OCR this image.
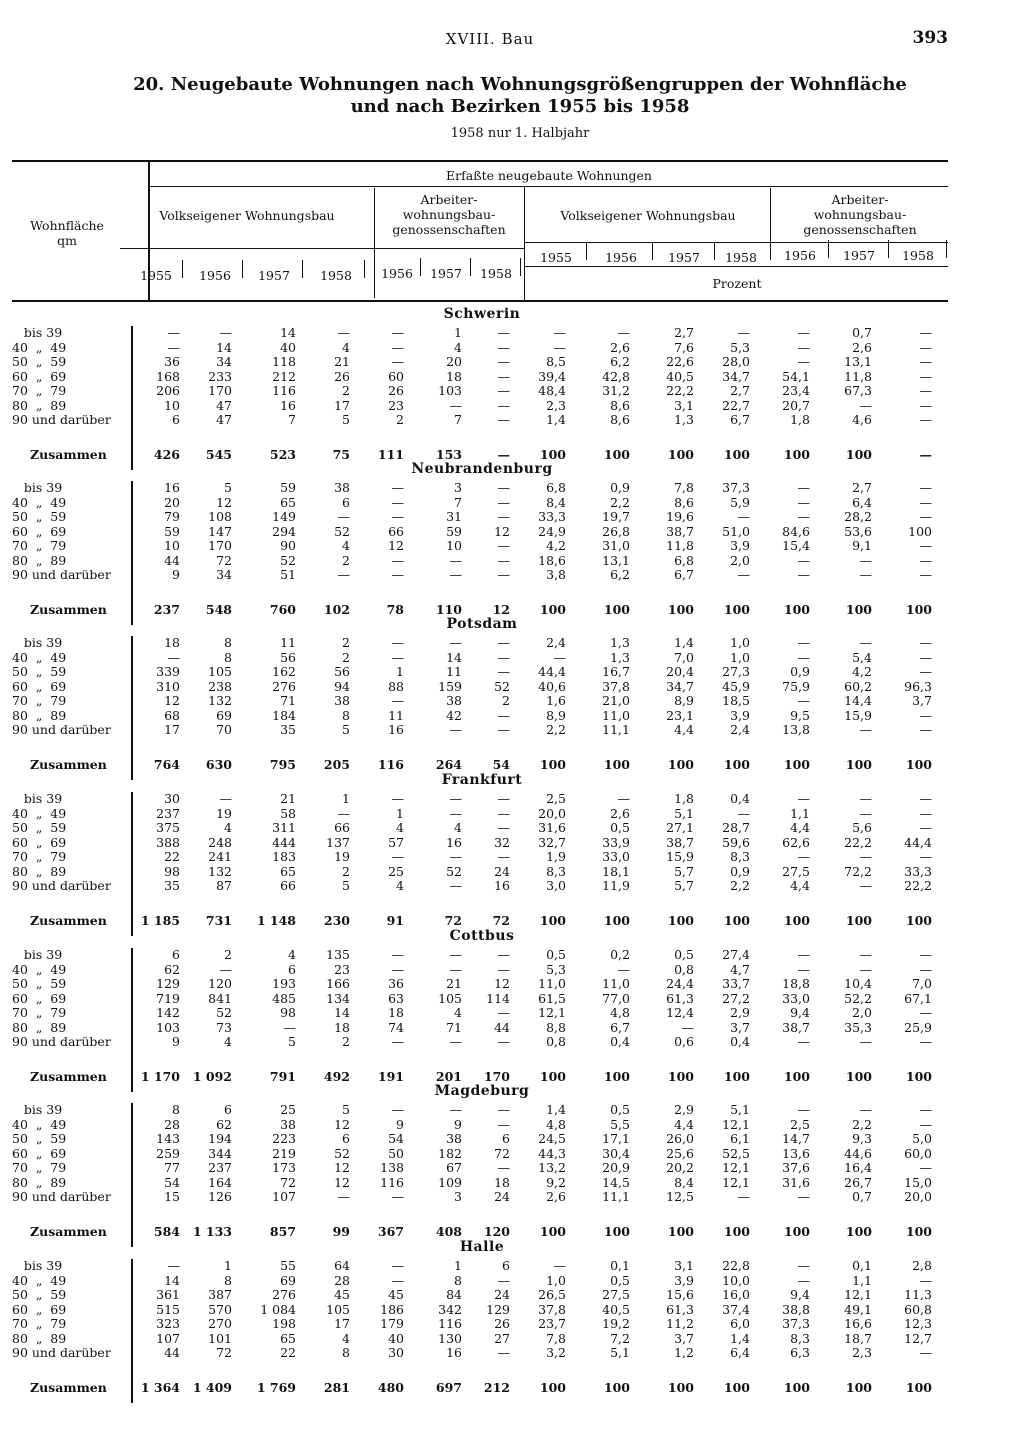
XVIII. Bau	393
20. Neugebaute Wohnungen nach Wohnungsgrößengruppen der Wohnfläche
und nach Bezirken 1955 bis 1958
1958 nur 1. Halbjahr
Wohnfläche
qm
Erfaßte neugebaute Wohnungen
Volkseigener Wohnungsbau
Arbeiter-
wohnungsbau-
genossenschaften
Volkseigener Wohnungsbau
Arbeiter-
wohnungsbau-
genossenschaften
1955	1956	1957	1958	1956	1957	1958
1955	1956	1957	1958	1956	1957	1958
Prozent
Schwerin
bis 39	—	—	14	—	—	1	—	—	—	2,7	—	—	0,7	—
40  „  49	—	14	40	4	—	4	—	—	2,6	7,6	5,3	—	2,6	—
50  „  59	36	34	118	21	—	20	—	8,5	6,2	22,6	28,0	—	13,1	—
60  „  69	168	233	212	26	60	18	—	39,4	42,8	40,5	34,7	54,1	11,8	—
70  „  79	206	170	116	2	26	103	—	48,4	31,2	22,2	2,7	23,4	67,3	—
80  „  89	10	47	16	17	23	—	—	2,3	8,6	3,1	22,7	20,7	—	—
90 und darüber	6	47	7	5	2	7	—	1,4	8,6	1,3	6,7	1,8	4,6	—
Zusammen	426	545	523	75	111	153	—	100	100	100	100	100	100	—
Neubrandenburg
bis 39	16	5	59	38	—	3	—	6,8	0,9	7,8	37,3	—	2,7	—
40  „  49	20	12	65	6	—	7	—	8,4	2,2	8,6	5,9	—	6,4	—
50  „  59	79	108	149	—	—	31	—	33,3	19,7	19,6	—	—	28,2	—
60  „  69	59	147	294	52	66	59	12	24,9	26,8	38,7	51,0	84,6	53,6	100
70  „  79	10	170	90	4	12	10	—	4,2	31,0	11,8	3,9	15,4	9,1	—
80  „  89	44	72	52	2	—	—	—	18,6	13,1	6,8	2,0	—	—	—
90 und darüber	9	34	51	—	—	—	—	3,8	6,2	6,7	—	—	—	—
Zusammen	237	548	760	102	78	110	12	100	100	100	100	100	100	100
Potsdam
bis 39	18	8	11	2	—	—	—	2,4	1,3	1,4	1,0	—	—	—
40  „  49	—	8	56	2	—	14	—	—	1,3	7,0	1,0	—	5,4	—
50  „  59	339	105	162	56	1	11	—	44,4	16,7	20,4	27,3	0,9	4,2	—
60  „  69	310	238	276	94	88	159	52	40,6	37,8	34,7	45,9	75,9	60,2	96,3
70  „  79	12	132	71	38	—	38	2	1,6	21,0	8,9	18,5	—	14,4	3,7
80  „  89	68	69	184	8	11	42	—	8,9	11,0	23,1	3,9	9,5	15,9	—
90 und darüber	17	70	35	5	16	—	—	2,2	11,1	4,4	2,4	13,8	—	—
Zusammen	764	630	795	205	116	264	54	100	100	100	100	100	100	100
Frankfurt
bis 39	30	—	21	1	—	—	—	2,5	—	1,8	0,4	—	—	—
40  „  49	237	19	58	—	1	—	—	20,0	2,6	5,1	—	1,1	—	—
50  „  59	375	4	311	66	4	4	—	31,6	0,5	27,1	28,7	4,4	5,6	—
60  „  69	388	248	444	137	57	16	32	32,7	33,9	38,7	59,6	62,6	22,2	44,4
70  „  79	22	241	183	19	—	—	—	1,9	33,0	15,9	8,3	—	—	—
80  „  89	98	132	65	2	25	52	24	8,3	18,1	5,7	0,9	27,5	72,2	33,3
90 und darüber	35	87	66	5	4	—	16	3,0	11,9	5,7	2,2	4,4	—	22,2
Zusammen	1 185	731	1 148	230	91	72	72	100	100	100	100	100	100	100
Cottbus
bis 39	6	2	4	135	—	—	—	0,5	0,2	0,5	27,4	—	—	—
40  „  49	62	—	6	23	—	—	—	5,3	—	0,8	4,7	—	—	—
50  „  59	129	120	193	166	36	21	12	11,0	11,0	24,4	33,7	18,8	10,4	7,0
60  „  69	719	841	485	134	63	105	114	61,5	77,0	61,3	27,2	33,0	52,2	67,1
70  „  79	142	52	98	14	18	4	—	12,1	4,8	12,4	2,9	9,4	2,0	—
80  „  89	103	73	—	18	74	71	44	8,8	6,7	—	3,7	38,7	35,3	25,9
90 und darüber	9	4	5	2	—	—	—	0,8	0,4	0,6	0,4	—	—	—
Zusammen	1 170	1 092	791	492	191	201	170	100	100	100	100	100	100	100
Magdeburg
bis 39	8	6	25	5	—	—	—	1,4	0,5	2,9	5,1	—	—	—
40  „  49	28	62	38	12	9	9	—	4,8	5,5	4,4	12,1	2,5	2,2	—
50  „  59	143	194	223	6	54	38	6	24,5	17,1	26,0	6,1	14,7	9,3	5,0
60  „  69	259	344	219	52	50	182	72	44,3	30,4	25,6	52,5	13,6	44,6	60,0
70  „  79	77	237	173	12	138	67	—	13,2	20,9	20,2	12,1	37,6	16,4	—
80  „  89	54	164	72	12	116	109	18	9,2	14,5	8,4	12,1	31,6	26,7	15,0
90 und darüber	15	126	107	—	—	3	24	2,6	11,1	12,5	—	—	0,7	20,0
Zusammen	584	1 133	857	99	367	408	120	100	100	100	100	100	100	100
Halle
bis 39	—	1	55	64	—	1	6	—	0,1	3,1	22,8	—	0,1	2,8
40  „  49	14	8	69	28	—	8	—	1,0	0,5	3,9	10,0	—	1,1	—
50  „  59	361	387	276	45	45	84	24	26,5	27,5	15,6	16,0	9,4	12,1	11,3
60  „  69	515	570	1 084	105	186	342	129	37,8	40,5	61,3	37,4	38,8	49,1	60,8
70  „  79	323	270	198	17	179	116	26	23,7	19,2	11,2	6,0	37,3	16,6	12,3
80  „  89	107	101	65	4	40	130	27	7,8	7,2	3,7	1,4	8,3	18,7	12,7
90 und darüber	44	72	22	8	30	16	—	3,2	5,1	1,2	6,4	6,3	2,3	—
Zusammen	1 364	1 409	1 769	281	480	697	212	100	100	100	100	100	100	100
